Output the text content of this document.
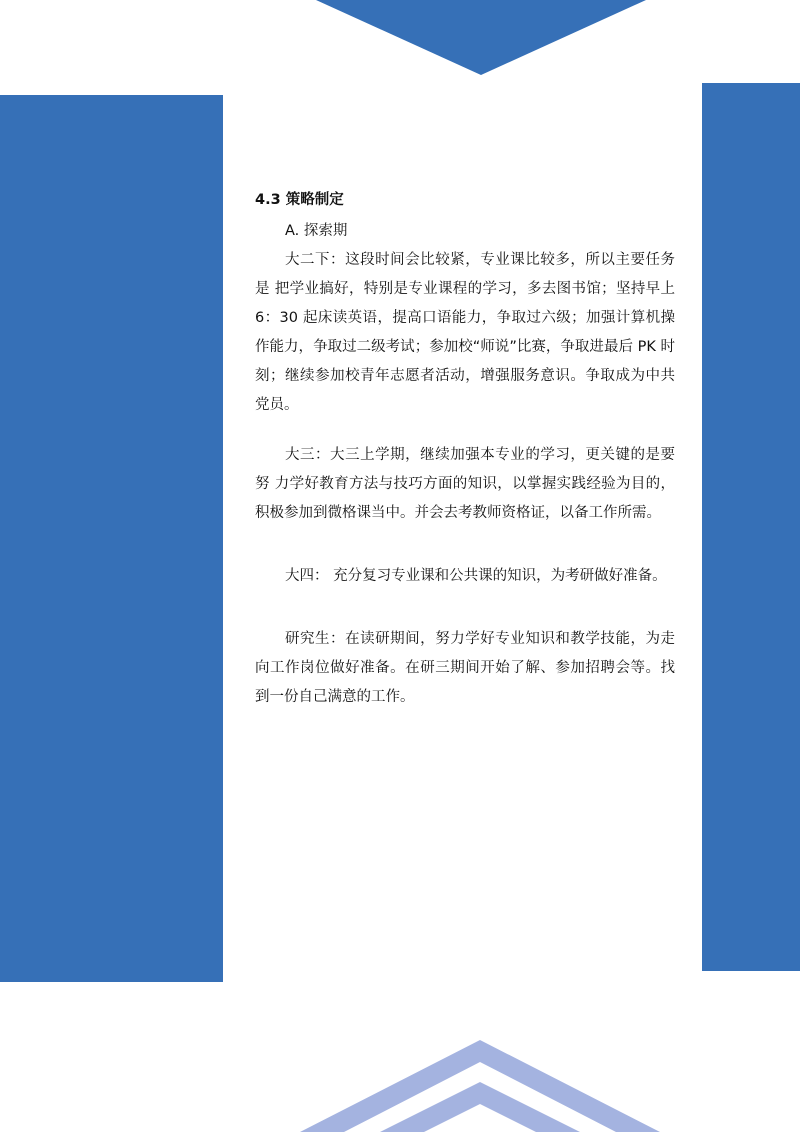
4.3 策略制定

A. 探索期

大二下：这段时间会比较紧，专业课比较多，所以主要任务是 把学业搞好，特别是专业课程的学习，多去图书馆；坚持早上 6：30 起床读英语，提高口语能力，争取过六级；加强计算机操作能力，争取过二级考试；参加校“师说”比赛，争取进最后 PK 时刻；继续参加校青年志愿者活动，增强服务意识。争取成为中共党员。

大三：大三上学期，继续加强本专业的学习，更关键的是要努 力学好教育方法与技巧方面的知识，以掌握实践经验为目的，积极参加到微格课当中。并会去考教师资格证，以备工作所需。

大四： 充分复习专业课和公共课的知识，为考研做好准备。

研究生：在读研期间，努力学好专业知识和教学技能，为走向工作岗位做好准备。在研三期间开始了解、参加招聘会等。找到一份自己满意的工作。
